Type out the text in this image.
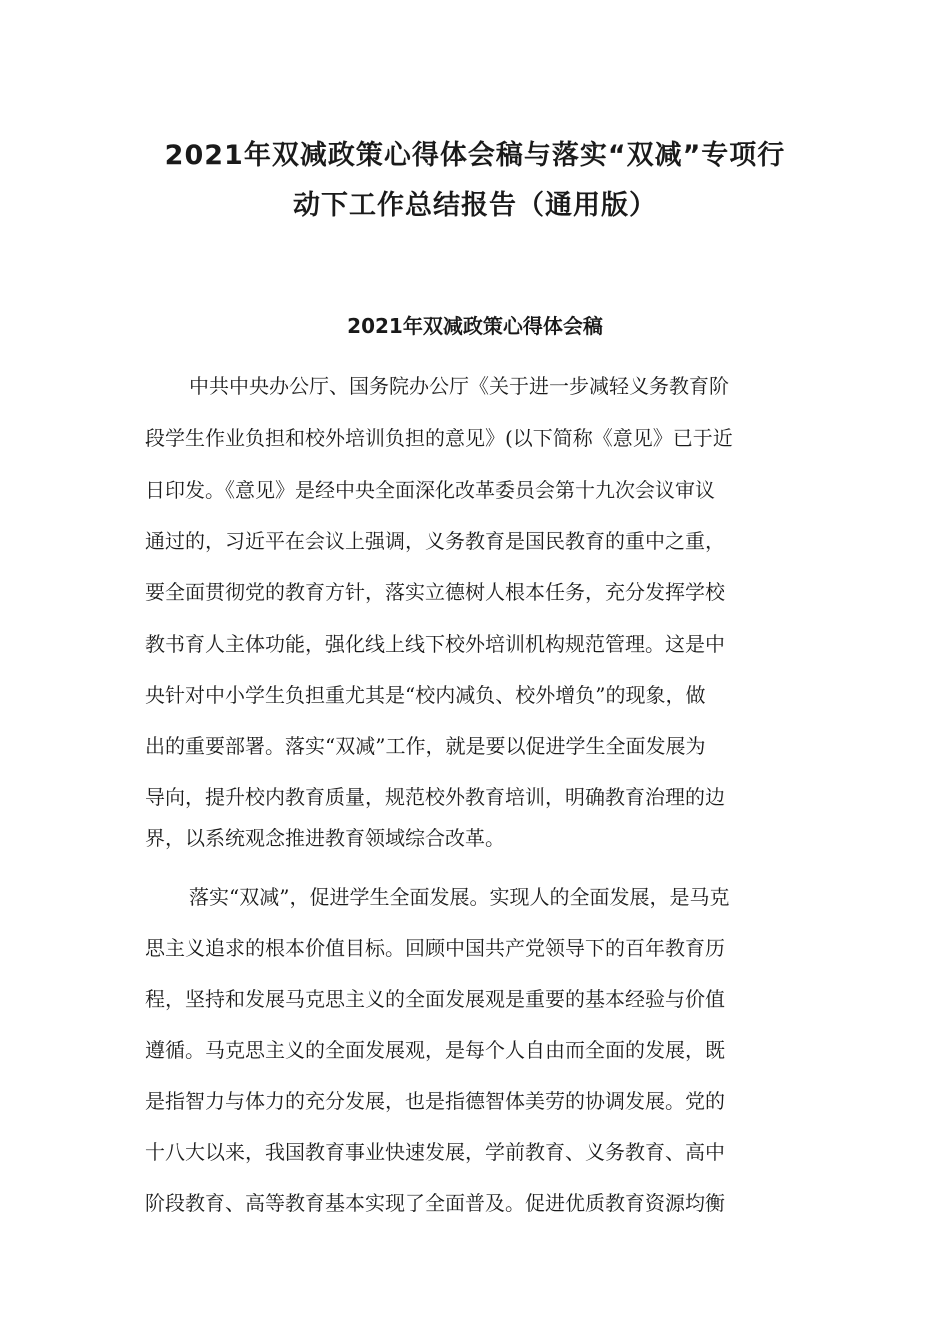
2021年双减政策心得体会稿与落实“双减”专项行
动下工作总结报告（通用版）
2021年双减政策心得体会稿

中共中央办公厅、国务院办公厅《关于进一步减轻义务教育阶

段学生作业负担和校外培训负担的意见》(以下简称《意见》已于近

日印发。《意见》是经中央全面深化改革委员会第十九次会议审议

通过的，习近平在会议上强调，义务教育是国民教育的重中之重，

要全面贯彻党的教育方针，落实立德树人根本任务，充分发挥学校

教书育人主体功能，强化线上线下校外培训机构规范管理。这是中

央针对中小学生负担重尤其是“校内减负、校外增负”的现象，做

出的重要部署。落实“双减”工作，就是要以促进学生全面发展为

导向，提升校内教育质量，规范校外教育培训，明确教育治理的边

界，以系统观念推进教育领域综合改革。

落实“双减”，促进学生全面发展。实现人的全面发展，是马克

思主义追求的根本价值目标。回顾中国共产党领导下的百年教育历

程，坚持和发展马克思主义的全面发展观是重要的基本经验与价值

遵循。马克思主义的全面发展观，是每个人自由而全面的发展，既

是指智力与体力的充分发展，也是指德智体美劳的协调发展。党的

十八大以来，我国教育事业快速发展，学前教育、义务教育、高中

阶段教育、高等教育基本实现了全面普及。促进优质教育资源均衡
